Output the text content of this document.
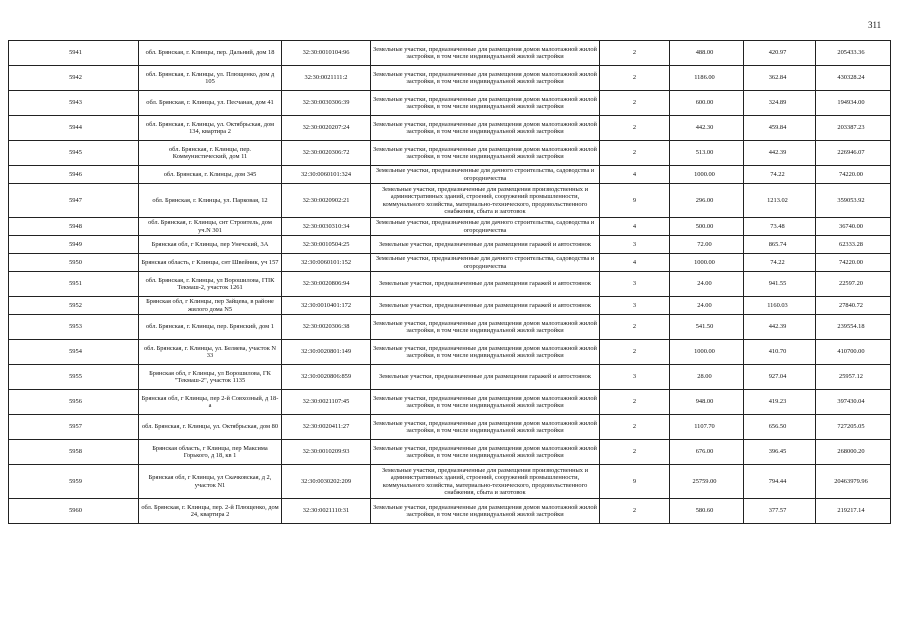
311
5941	обл. Брянская, г. Клинцы, пер. Дальний, дом 18	32:30:0010104:96	Земельные участки, предназначенные для размещения домов малоэтажной жилой застройки, в том числе индивидуальной жилой застройки	2	488.00	420.97	205433.36
5942	обл. Брянская, г. Клинцы, ул. Плющенко, дом д 105	32:30:0021111:2	Земельные участки, предназначенные для размещения домов малоэтажной жилой застройки, в том числе индивидуальной жилой застройки	2	1186.00	362.84	430328.24
5943	обл. Брянская, г. Клинцы, ул. Песчаная, дом 41	32:30:0030306:39	Земельные участки, предназначенные для размещения домов малоэтажной жилой застройки, в том числе индивидуальной жилой застройки	2	600.00	324.89	194934.00
5944	обл. Брянская, г. Клинцы, ул. Октябрьская, дом 134, квартира 2	32:30:0020207:24	Земельные участки, предназначенные для размещения домов малоэтажной жилой застройки, в том числе индивидуальной жилой застройки	2	442.30	459.84	203387.23
5945	обл. Брянская, г. Клинцы, пер. Коммунистический, дом 11	32:30:0020306:72	Земельные участки, предназначенные для размещения домов малоэтажной жилой застройки, в том числе индивидуальной жилой застройки	2	513.00	442.39	226946.07
5946	обл. Брянская, г. Клинцы, дом 345	32:30:0060101:324	Земельные участки, предназначенные для дачного строительства, садоводства и огородничества	4	1000.00	74.22	74220.00
5947	обл. Брянская, г. Клинцы, ул. Парковая, 12	32:30:0020902:21	Земельные участки, предназначенные для размещения производственных и административных зданий, строений, сооружений промышленности, коммунального хозяйства, материально-технического, продовольственного снабжения, сбыта и заготовок	9	296.00	1213.02	359053.92
5948	обл. Брянская, г. Клинцы, снт Строитель, дом уч.N 301	32:30:0030310:34	Земельные участки, предназначенные для дачного строительства, садоводства и огородничества	4	500.00	73.48	36740.00
5949	Брянская обл, г Клинцы, пер Унечский, 3А	32:30:0010504:25	Земельные участки, предназначенные для размещения гаражей и автостоянок	3	72.00	865.74	62333.28
5950	Брянская область, г Клинцы, снт Швейник, уч 157	32:30:0060101:152	Земельные участки, предназначенные для дачного строительства, садоводства и огородничества	4	1000.00	74.22	74220.00
5951	обл. Брянская, г. Клинцы, ул Ворошилова, ГПК Текмаш-2, участок 1261	32:30:0020806:94	Земельные участки, предназначенные для размещения гаражей и автостоянок	3	24.00	941.55	22597.20
5952	Брянская обл, г Клинцы, пер Зайцева, в районе жилого дома N5	32:30:0010401:172	Земельные участки, предназначенные для размещения гаражей и автостоянок	3	24.00	1160.03	27840.72
5953	обл. Брянская, г. Клинцы, пер. Брянский, дом 1	32:30:0020306:38	Земельные участки, предназначенные для размещения домов малоэтажной жилой застройки, в том числе индивидуальной жилой застройки	2	541.50	442.39	239554.18
5954	обл. Брянская, г. Клинцы, ул. Беляева, участок N 33	32:30:0020801:149	Земельные участки, предназначенные для размещения домов малоэтажной жилой застройки, в том числе индивидуальной жилой застройки	2	1000.00	410.70	410700.00
5955	Брянская обл, г Клинцы, ул Ворошилова, ГК "Текмаш-2", участок 1135	32:30:0020806:859	Земельные участки, предназначенные для размещения гаражей и автостоянок	3	28.00	927.04	25957.12
5956	Брянская обл, г Клинцы, пер 2-й Совхозный, д 18-а	32:30:0021107:45	Земельные участки, предназначенные для размещения домов малоэтажной жилой застройки, в том числе индивидуальной жилой застройки	2	948.00	419.23	397430.04
5957	обл. Брянская, г. Клинцы, ул. Октябрьская, дом 80	32:30:0020411:27	Земельные участки, предназначенные для размещения домов малоэтажной жилой застройки, в том числе индивидуальной жилой застройки	2	1107.70	656.50	727205.05
5958	Брянская область, г Клинцы, пер Максима Горького, д 18, кв 1	32:30:0010209:93	Земельные участки, предназначенные для размещения домов малоэтажной жилой застройки, в том числе индивидуальной жилой застройки	2	676.00	396.45	268000.20
5959	Брянская обл, г Клинцы, ул Скачковская, д 2, участок N1	32:30:0030202:209	Земельные участки, предназначенные для размещения производственных и административных зданий, строений, сооружений промышленности, коммунального хозяйства, материально-технического, продовольственного снабжения, сбыта и заготовок	9	25759.00	794.44	20463979.96
5960	обл. Брянская, г. Клинцы, пер. 2-й Плющенко, дом 24, квартира 2	32:30:0021110:31	Земельные участки, предназначенные для размещения домов малоэтажной жилой застройки, в том числе индивидуальной жилой застройки	2	580.60	377.57	219217.14
